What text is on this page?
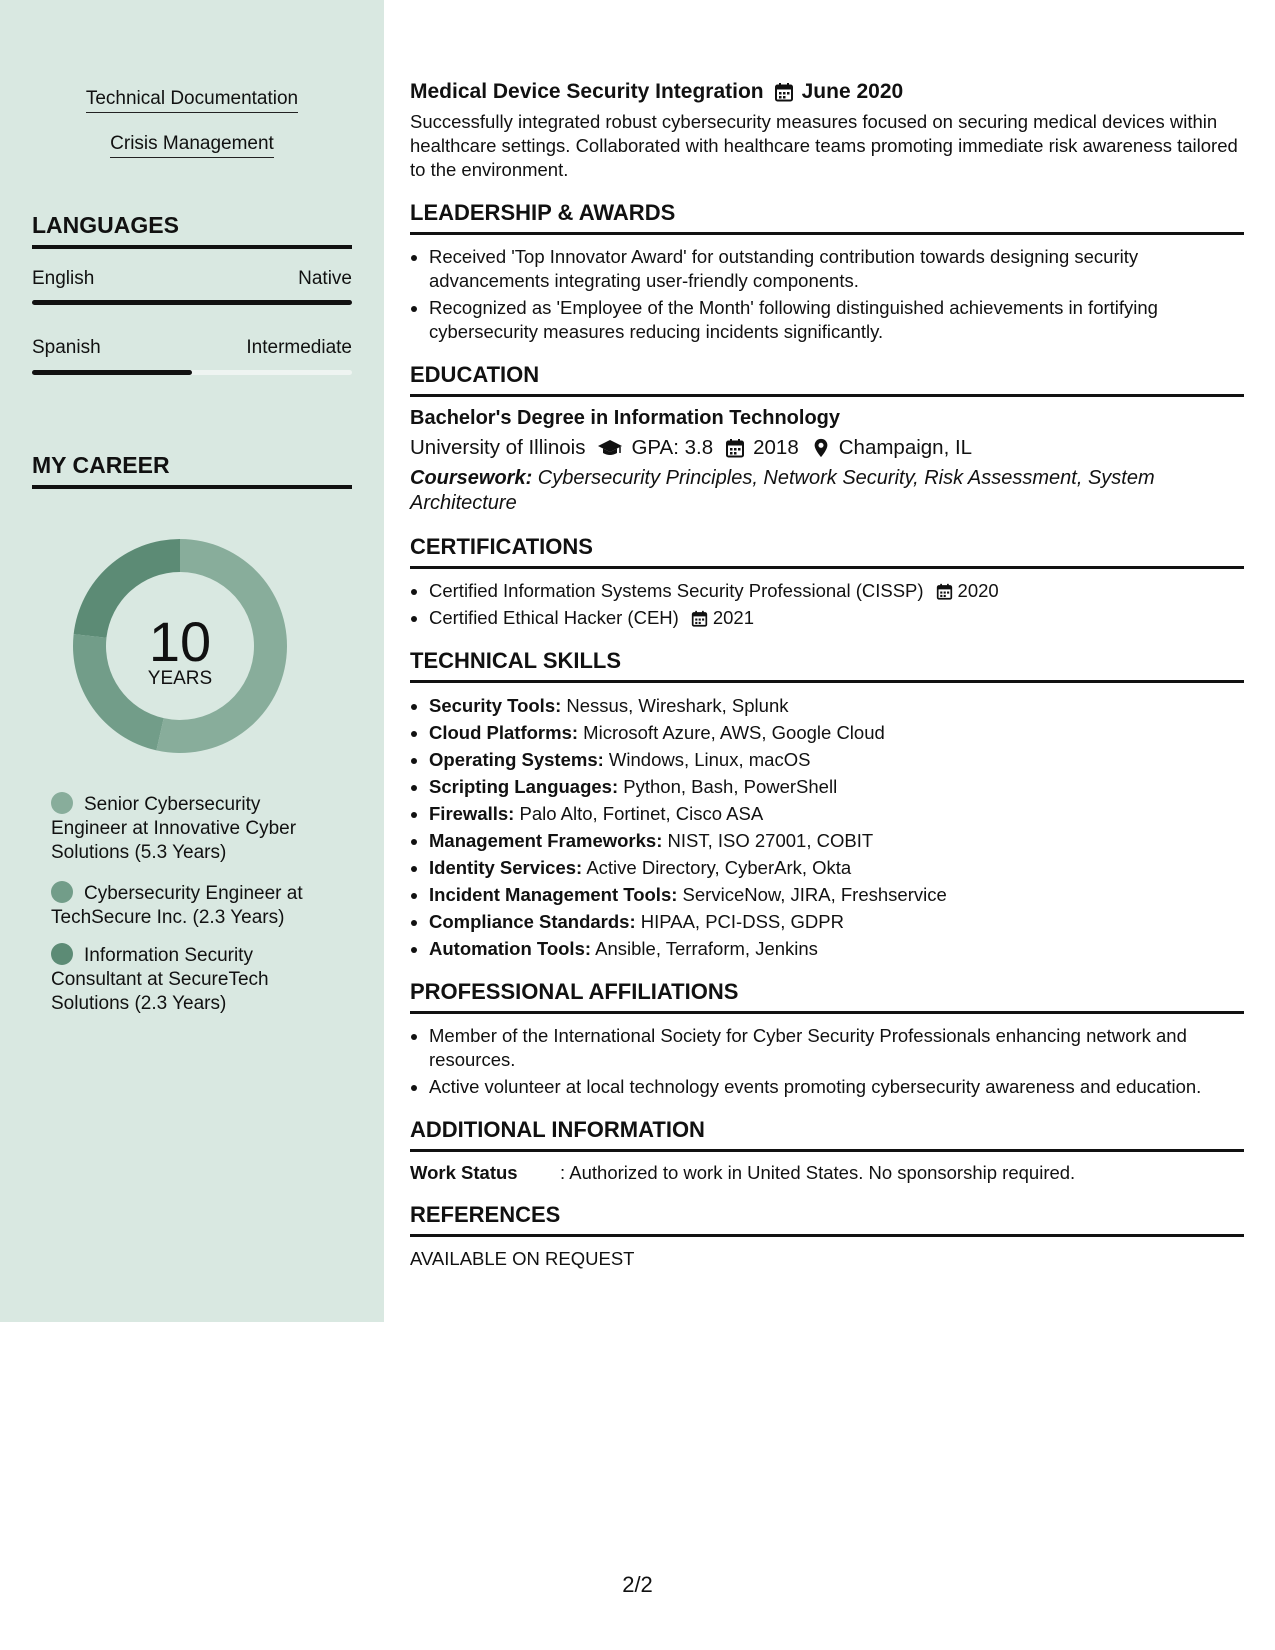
Technical Documentation
Crisis Management
LANGUAGES
English	Native
Spanish	Intermediate
MY CAREER
10
YEARS
Senior Cybersecurity Engineer at Innovative Cyber Solutions (5.3 Years)
Cybersecurity Engineer at TechSecure Inc. (2.3 Years)
Information Security Consultant at SecureTech Solutions (2.3 Years)
Medical Device Security Integration June 2020

Successfully integrated robust cybersecurity measures focused on securing medical devices within healthcare settings. Collaborated with healthcare teams promoting immediate risk awareness tailored to the environment.

LEADERSHIP & AWARDS
• Received 'Top Innovator Award' for outstanding contribution towards designing security advancements integrating user-friendly components.
• Recognized as 'Employee of the Month' following distinguished achievements in fortifying cybersecurity measures reducing incidents significantly.
EDUCATION
Bachelor's Degree in Information Technology
University of Illinois GPA: 3.8 2018 Champaign, IL

Coursework: Cybersecurity Principles, Network Security, Risk Assessment, System Architecture

CERTIFICATIONS
• Certified Information Systems Security Professional (CISSP) 2020
• Certified Ethical Hacker (CEH) 2021
TECHNICAL SKILLS
• Security Tools: Nessus, Wireshark, Splunk
• Cloud Platforms: Microsoft Azure, AWS, Google Cloud
• Operating Systems: Windows, Linux, macOS
• Scripting Languages: Python, Bash, PowerShell
• Firewalls: Palo Alto, Fortinet, Cisco ASA
• Management Frameworks: NIST, ISO 27001, COBIT
• Identity Services: Active Directory, CyberArk, Okta
• Incident Management Tools: ServiceNow, JIRA, Freshservice
• Compliance Standards: HIPAA, PCI-DSS, GDPR
• Automation Tools: Ansible, Terraform, Jenkins
PROFESSIONAL AFFILIATIONS
• Member of the International Society for Cyber Security Professionals enhancing network and resources.
• Active volunteer at local technology events promoting cybersecurity awareness and education.
ADDITIONAL INFORMATION
Work Status	: Authorized to work in United States. No sponsorship required.
REFERENCES
AVAILABLE ON REQUEST
2/2
